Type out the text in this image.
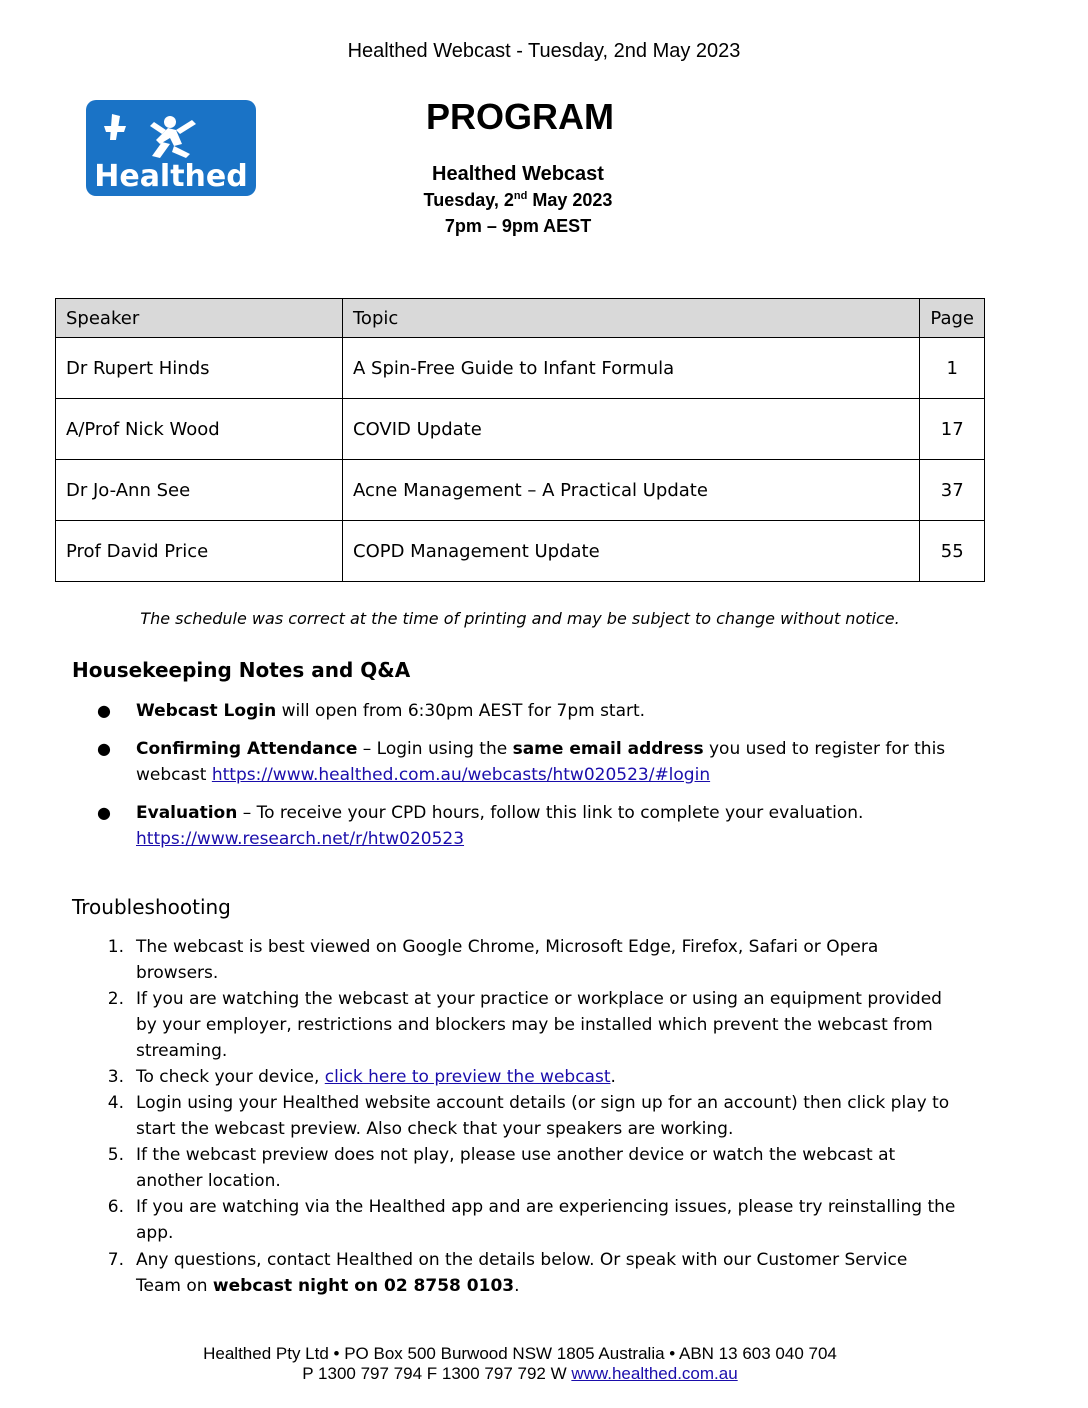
Healthed Webcast - Tuesday, 2nd May 2023
Healthed
PROGRAM
Healthed Webcast
Tuesday, 2nd May 2023
7pm – 9pm AEST
Speaker	Topic	Page
Dr Rupert Hinds	A Spin-Free Guide to Infant Formula	1
A/Prof Nick Wood	COVID Update	17
Dr Jo-Ann See	Acne Management – A Practical Update	37
Prof David Price	COPD Management Update	55
The schedule was correct at the time of printing and may be subject to change without notice.
Housekeeping Notes and Q&A
● Webcast Login will open from 6:30pm AEST for 7pm start.
● Confirming Attendance – Login using the same email address you used to register for this
webcast https://www.healthed.com.au/webcasts/htw020523/#login
● Evaluation – To receive your CPD hours, follow this link to complete your evaluation.
https://www.research.net/r/htw020523
Troubleshooting
1. The webcast is best viewed on Google Chrome, Microsoft Edge, Firefox, Safari or Opera
browsers.
2. If you are watching the webcast at your practice or workplace or using an equipment provided
by your employer, restrictions and blockers may be installed which prevent the webcast from
streaming.
3. To check your device, click here to preview the webcast.
4. Login using your Healthed website account details (or sign up for an account) then click play to
start the webcast preview. Also check that your speakers are working.
5. If the webcast preview does not play, please use another device or watch the webcast at
another location.
6. If you are watching via the Healthed app and are experiencing issues, please try reinstalling the
app.
7. Any questions, contact Healthed on the details below. Or speak with our Customer Service
Team on webcast night on 02 8758 0103.
Healthed Pty Ltd • PO Box 500 Burwood NSW 1805 Australia • ABN 13 603 040 704
P 1300 797 794 F 1300 797 792 W www.healthed.com.au
